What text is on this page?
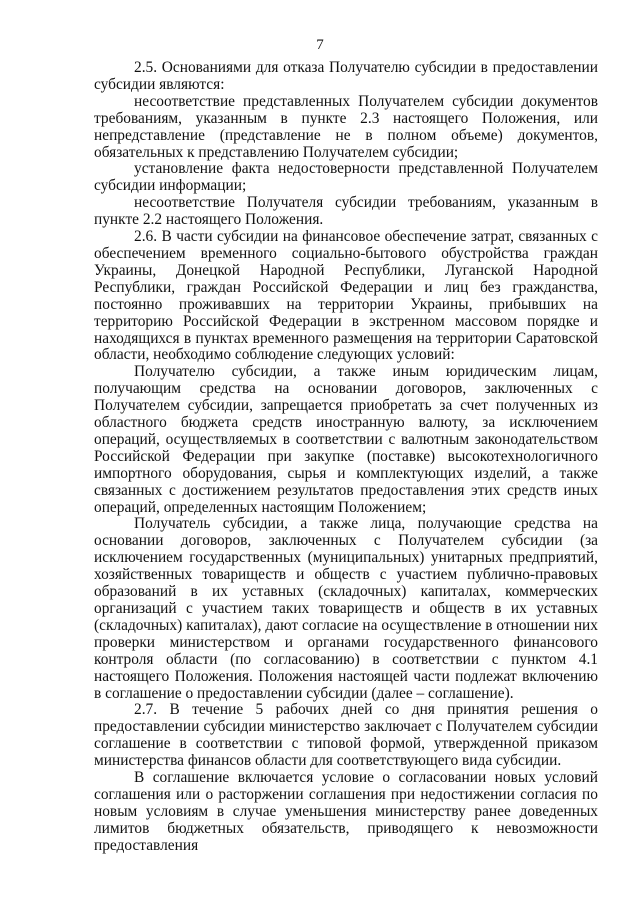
7

2.5. Основаниями для отказа Получателю субсидии в предоставлении субсидии являются:

несоответствие представленных Получателем субсидии документов требованиям, указанным в пункте 2.3 настоящего Положения, или непредставление (представление не в полном объеме) документов, обязательных к представлению Получателем субсидии;

установление факта недостоверности представленной Получателем субсидии информации;

несоответствие Получателя субсидии требованиям, указанным в пункте 2.2 настоящего Положения.

2.6. В части субсидии на финансовое обеспечение затрат, связанных с обеспечением временного социально-бытового обустройства граждан Украины, Донецкой Народной Республики, Луганской Народной Республики, граждан Российской Федерации и лиц без гражданства, постоянно проживавших на территории Украины, прибывших на территорию Российской Федерации в экстренном массовом порядке и находящихся в пунктах временного размещения на территории Саратовской области, необходимо соблюдение следующих условий:

Получателю субсидии, а также иным юридическим лицам, получающим средства на основании договоров, заключенных с Получателем субсидии, запрещается приобретать за счет полученных из областного бюджета средств иностранную валюту, за исключением операций, осуществляемых в соответствии с валютным законодательством Российской Федерации при закупке (поставке) высокотехнологичного импортного оборудования, сырья и комплектующих изделий, а также связанных с достижением результатов предоставления этих средств иных операций, определенных настоящим Положением;

Получатель субсидии, а также лица, получающие средства на основании договоров, заключенных с Получателем субсидии (за исключением государственных (муниципальных) унитарных предприятий, хозяйственных товариществ и обществ с участием публично-правовых образований в их уставных (складочных) капиталах, коммерческих организаций с участием таких товариществ и обществ в их уставных (складочных) капиталах), дают согласие на осуществление в отношении них проверки министерством и органами государственного финансового контроля области (по согласованию) в соответствии с пунктом 4.1 настоящего Положения. Положения настоящей части подлежат включению в соглашение о предоставлении субсидии (далее – соглашение).

2.7. В течение 5 рабочих дней со дня принятия решения о предоставлении субсидии министерство заключает с Получателем субсидии соглашение в соответствии с типовой формой, утвержденной приказом министерства финансов области для соответствующего вида субсидии.

В соглашение включается условие о согласовании новых условий соглашения или о расторжении соглашения при недостижении согласия по новым условиям в случае уменьшения министерству ранее доведенных лимитов бюджетных обязательств, приводящего к невозможности предоставления
